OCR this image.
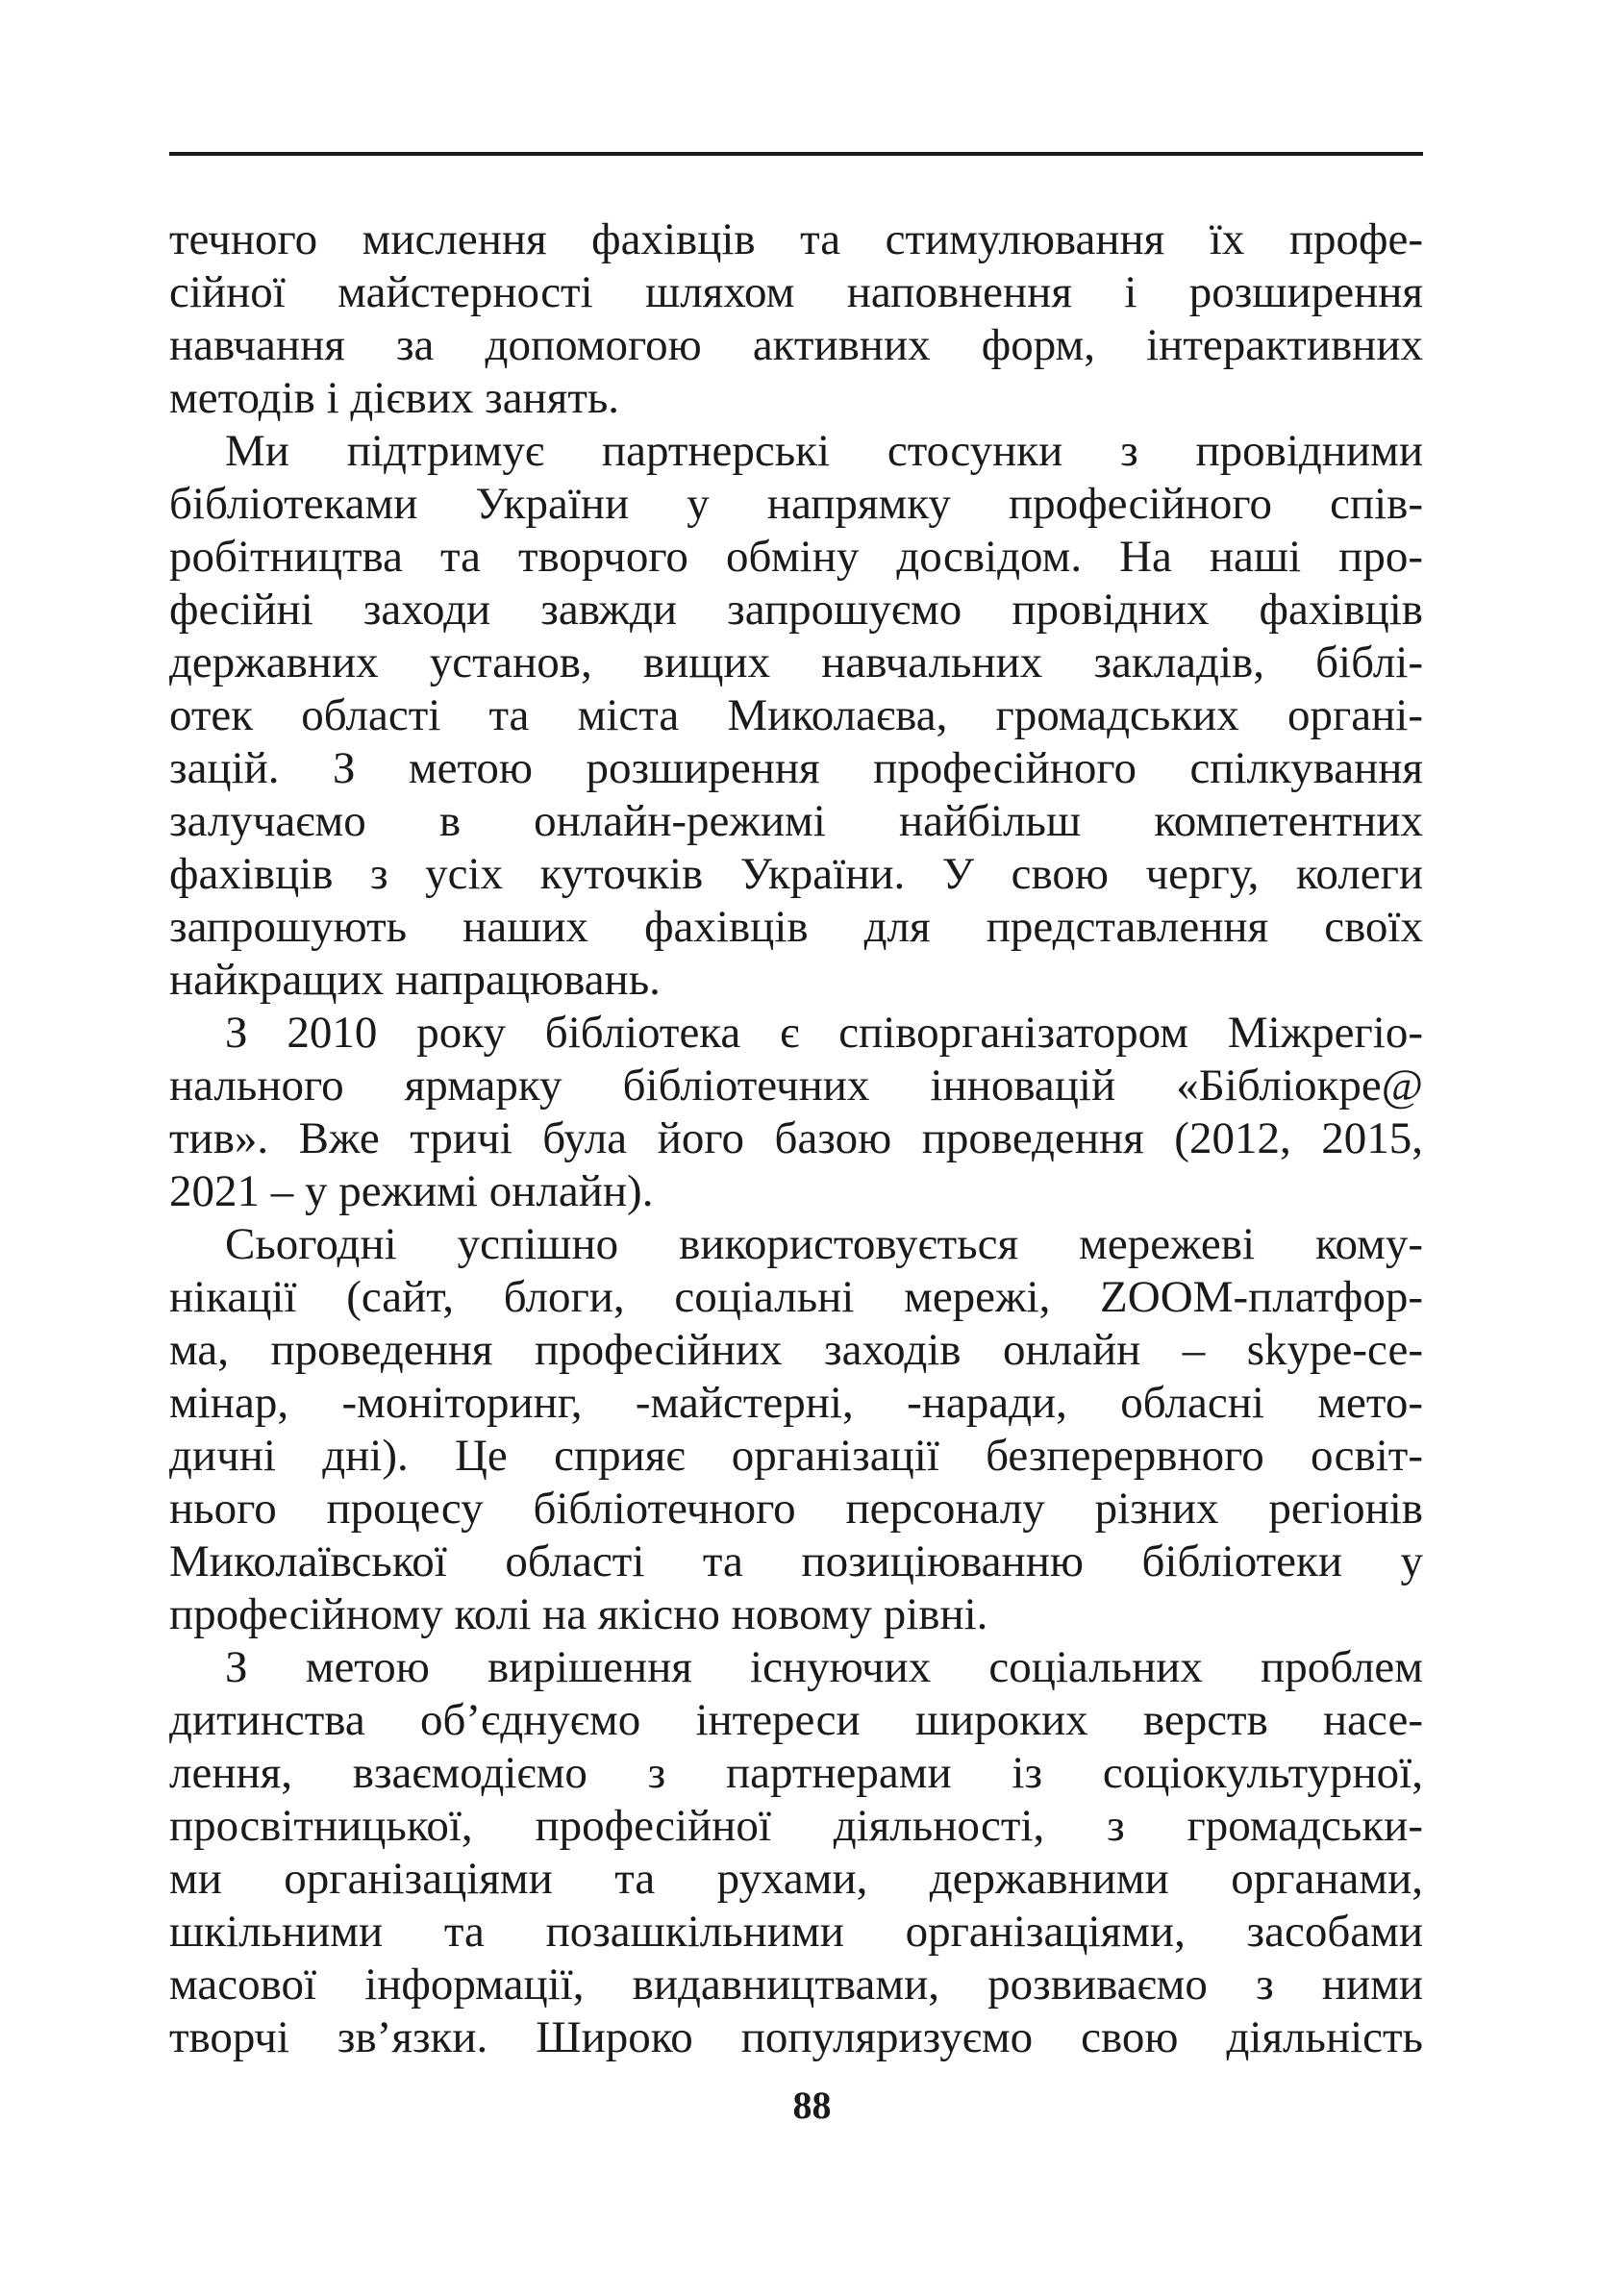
течного мислення фахівців та стимулювання їх профе-
сійної майстерності шляхом наповнення і розширення
навчання за допомогою активних форм, інтерактивних
методів і дієвих занять.
Ми підтримує партнерські стосунки з провідними
бібліотеками України у напрямку професійного спів-
робітництва та творчого обміну досвідом. На наші про-
фесійні заходи завжди запрошуємо провідних фахівців
державних установ, вищих навчальних закладів, біблі-
отек області та міста Миколаєва, громадських органі-
зацій. З метою розширення професійного спілкування
залучаємо в онлайн-режимі найбільш компетентних
фахівців з усіх куточків України. У свою чергу, колеги
запрошують наших фахівців для представлення своїх
найкращих напрацювань.
З 2010 року бібліотека є співорганізатором Міжрегіо-
нального ярмарку бібліотечних інновацій «Бібліокре@
тив». Вже тричі була його базою проведення (2012, 2015,
2021 – у режимі онлайн).
Сьогодні успішно використовується мережеві кому-
нікації (сайт, блоги, соціальні мережі, ZOOM-платфор-
ма, проведення професійних заходів онлайн – skype-се-
мінар, -моніторинг, -майстерні, -наради, обласні мето-
дичні дні). Це сприяє організації безперервного освіт-
нього процесу бібліотечного персоналу різних регіонів
Миколаївської області та позиціюванню бібліотеки у
професійному колі на якісно новому рівні.
З метою вирішення існуючих соціальних проблем
дитинства об’єднуємо інтереси широких верств насе-
лення, взаємодіємо з партнерами із соціокультурної,
просвітницької, професійної діяльності, з громадськи-
ми організаціями та рухами, державними органами,
шкільними та позашкільними організаціями, засобами
масової інформації, видавництвами, розвиваємо з ними
творчі зв’язки. Широко популяризуємо свою діяльність
88
